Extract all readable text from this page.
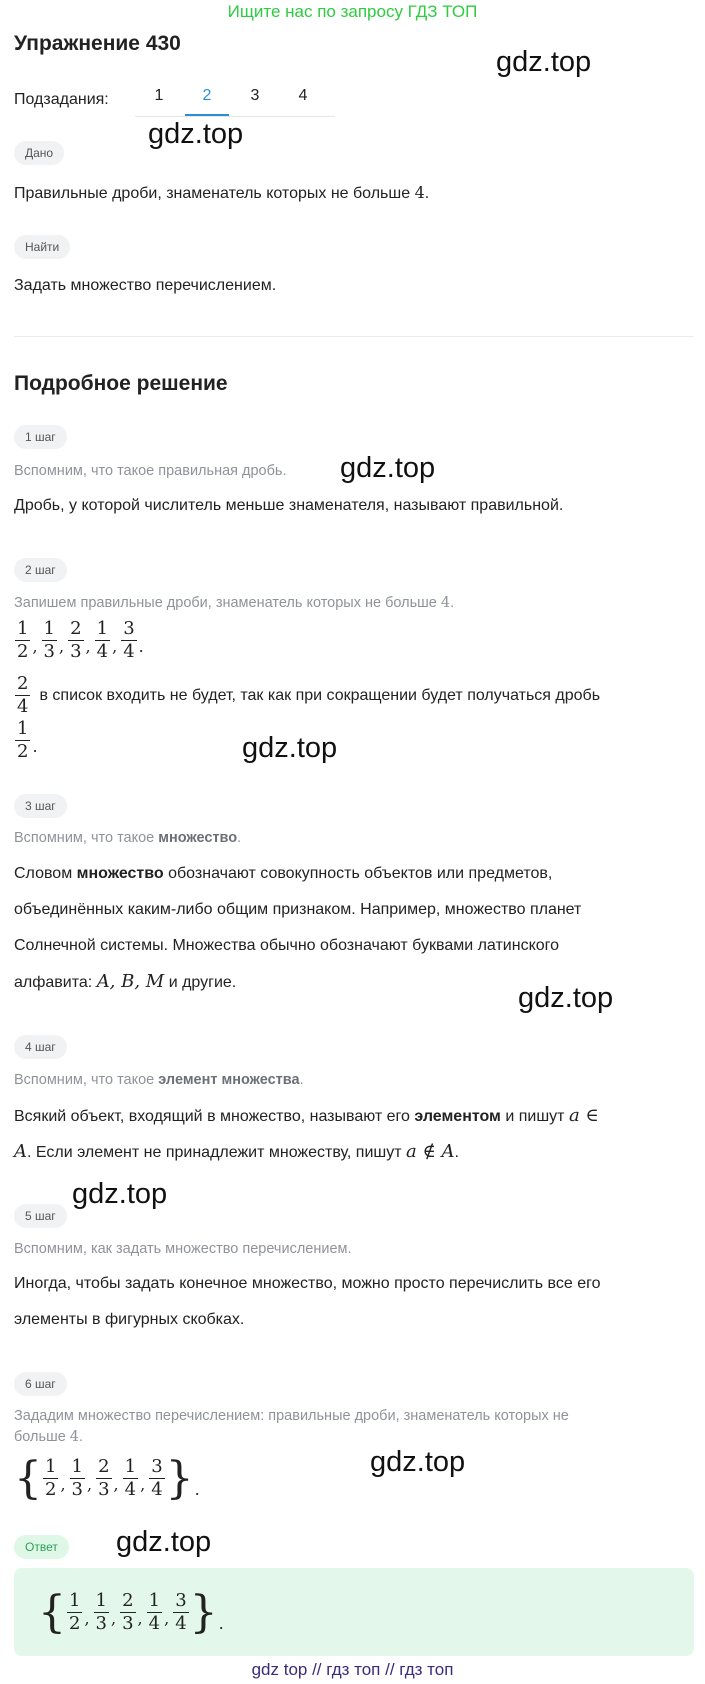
Ищите нас по запросу ГДЗ ТОП
Упражнение 430
gdz.top
gdz.top
gdz.top
gdz.top
gdz.top
gdz.top
gdz.top
gdz.top
Подзадания:	1	2	3	4
Дано
Правильные дроби, знаменатель которых не больше 4.
Найти
Задать множество перечислением.
Подробное решение
1 шаг
Вспомним, что такое правильная дробь.
Дробь, у которой числитель меньше знаменателя, называют правильной.
2 шаг
Запишем правильные дроби, знаменатель которых не больше 4.
$\frac{1}{2}$ , $\frac{1}{3}$ , $\frac{2}{3}$ , $\frac{1}{4}$ , $\frac{3}{4}$ .
$\frac{2}{4}$ в список входить не будет, так как при сокращении будет получаться дробь
$\frac{1}{2}$ .
3 шаг
Вспомним, что такое множество.
Словом множество обозначают совокупность объектов или предметов,
объединённых каким-либо общим признаком. Например, множество планет
Солнечной системы. Множества обычно обозначают буквами латинского
алфавита: A, B, M и другие.
4 шаг
Вспомним, что такое элемент множества.
Всякий объект, входящий в множество, называют его элементом и пишут a ∈
A. Если элемент не принадлежит множеству, пишут a ∉ A.
5 шаг
Вспомним, как задать множество перечислением.
Иногда, чтобы задать конечное множество, можно просто перечислить все его
элементы в фигурных скобках.
6 шаг
Зададим множество перечислением: правильные дроби, знаменатель которых не
больше 4.
{ $\frac{1}{2}$ , $\frac{1}{3}$ , $\frac{2}{3}$ , $\frac{1}{4}$ , $\frac{3}{4}$ } .
Ответ
{ $\frac{1}{2}$ , $\frac{1}{3}$ , $\frac{2}{3}$ , $\frac{1}{4}$ , $\frac{3}{4}$ } .
gdz top // гдз топ // гдз топ
